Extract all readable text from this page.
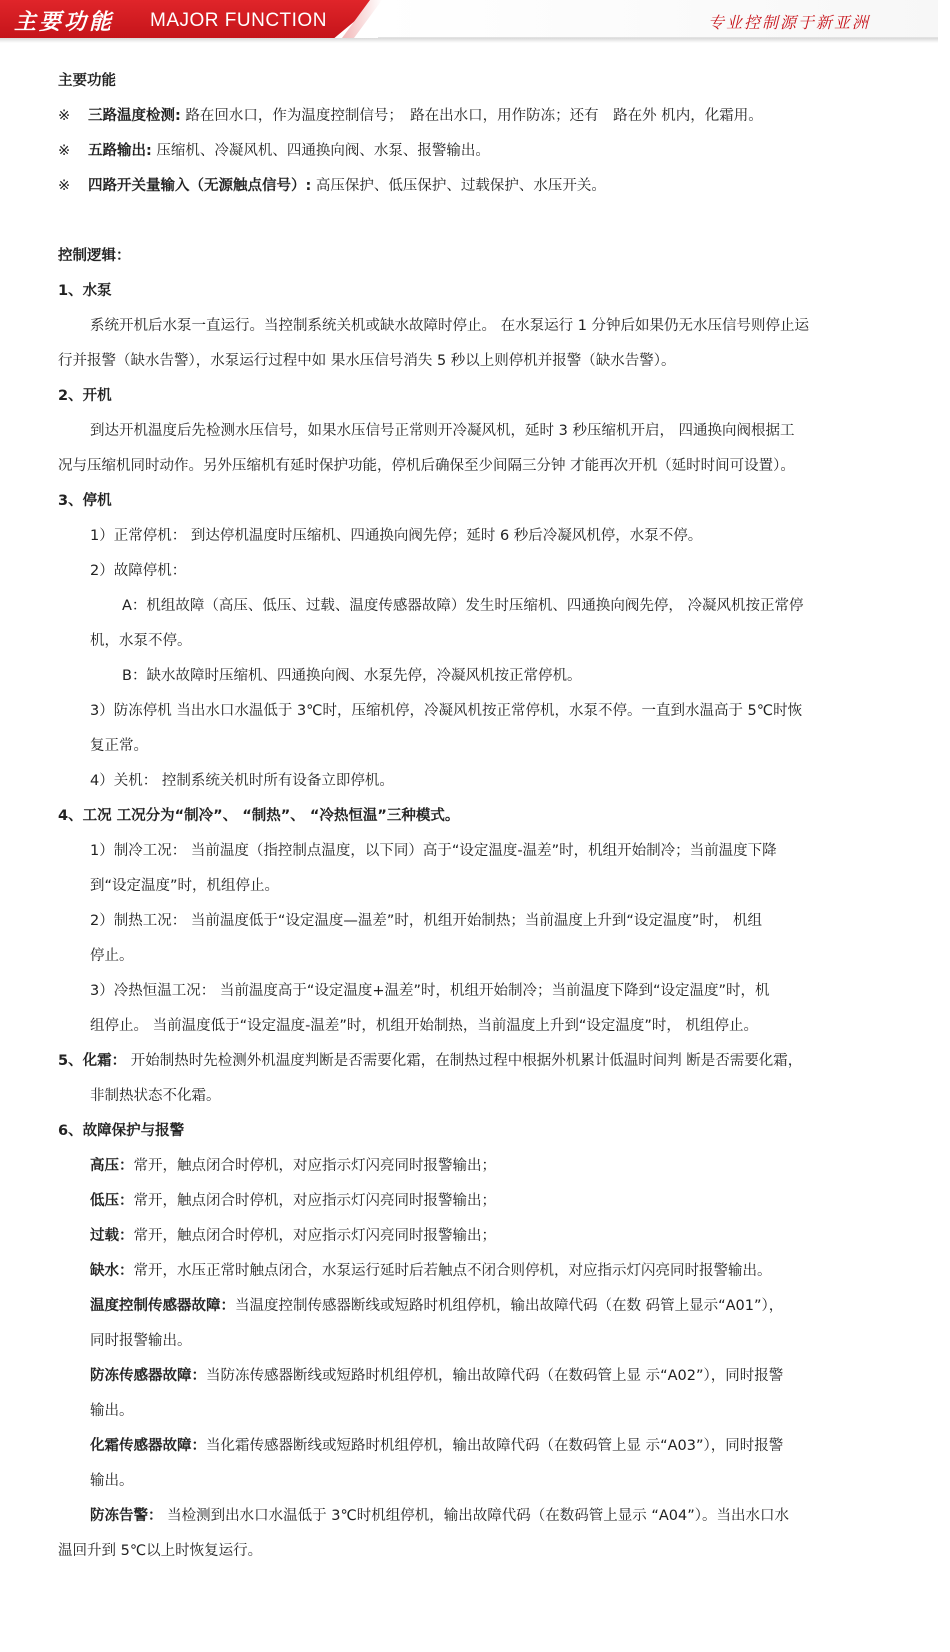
主要功能 MAJOR FUNCTION	专业控制源于新亚洲

主要功能

※ 三路温度检测: 路在回水口，作为温度控制信号；　路在出水口，用作防冻；还有　路在外 机内，化霜用。

※ 五路输出: 压缩机、冷凝风机、四通换向阀、水泵、报警输出。

※ 四路开关量输入（无源触点信号）: 高压保护、低压保护、过载保护、水压开关。

控制逻辑：

1、水泵

系统开机后水泵一直运行。当控制系统关机或缺水故障时停止。 在水泵运行 1 分钟后如果仍无水压信号则停止运

行并报警（缺水告警），水泵运行过程中如 果水压信号消失 5 秒以上则停机并报警（缺水告警）。

2、开机

到达开机温度后先检测水压信号，如果水压信号正常则开冷凝风机，延时 3 秒压缩机开启， 四通换向阀根据工

况与压缩机同时动作。另外压缩机有延时保护功能，停机后确保至少间隔三分钟 才能再次开机（延时时间可设置）。

3、停机

1）正常停机： 到达停机温度时压缩机、四通换向阀先停；延时 6 秒后冷凝风机停，水泵不停。

2）故障停机：

A：机组故障（高压、低压、过载、温度传感器故障）发生时压缩机、四通换向阀先停， 冷凝风机按正常停

机，水泵不停。

B：缺水故障时压缩机、四通换向阀、水泵先停，冷凝风机按正常停机。

3）防冻停机 当出水口水温低于 3℃时，压缩机停，冷凝风机按正常停机，水泵不停。一直到水温高于 5℃时恢

复正常。

4）关机： 控制系统关机时所有设备立即停机。

4、工况 工况分为“制冷”、 “制热”、 “冷热恒温”三种模式。

1）制冷工况： 当前温度（指控制点温度，以下同）高于“设定温度-温差”时，机组开始制冷；当前温度下降

到“设定温度”时，机组停止。

2）制热工况： 当前温度低于“设定温度—温差”时，机组开始制热；当前温度上升到“设定温度”时， 机组

停止。

3）冷热恒温工况： 当前温度高于“设定温度+温差”时，机组开始制冷；当前温度下降到“设定温度”时，机

组停止。 当前温度低于“设定温度-温差”时，机组开始制热，当前温度上升到“设定温度”时， 机组停止。

5、化霜： 开始制热时先检测外机温度判断是否需要化霜，在制热过程中根据外机累计低温时间判 断是否需要化霜，

非制热状态不化霜。

6、故障保护与报警

高压：常开，触点闭合时停机，对应指示灯闪亮同时报警输出；

低压：常开，触点闭合时停机，对应指示灯闪亮同时报警输出；

过载：常开，触点闭合时停机，对应指示灯闪亮同时报警输出；

缺水：常开，水压正常时触点闭合，水泵运行延时后若触点不闭合则停机，对应指示灯闪亮同时报警输出。

温度控制传感器故障：当温度控制传感器断线或短路时机组停机，输出故障代码（在数 码管上显示“A01”），

同时报警输出。

防冻传感器故障：当防冻传感器断线或短路时机组停机，输出故障代码（在数码管上显 示“A02”），同时报警

输出。

化霜传感器故障：当化霜传感器断线或短路时机组停机，输出故障代码（在数码管上显 示“A03”），同时报警

输出。

防冻告警： 当检测到出水口水温低于 3℃时机组停机，输出故障代码（在数码管上显示 “A04”）。当出水口水

温回升到 5℃以上时恢复运行。
